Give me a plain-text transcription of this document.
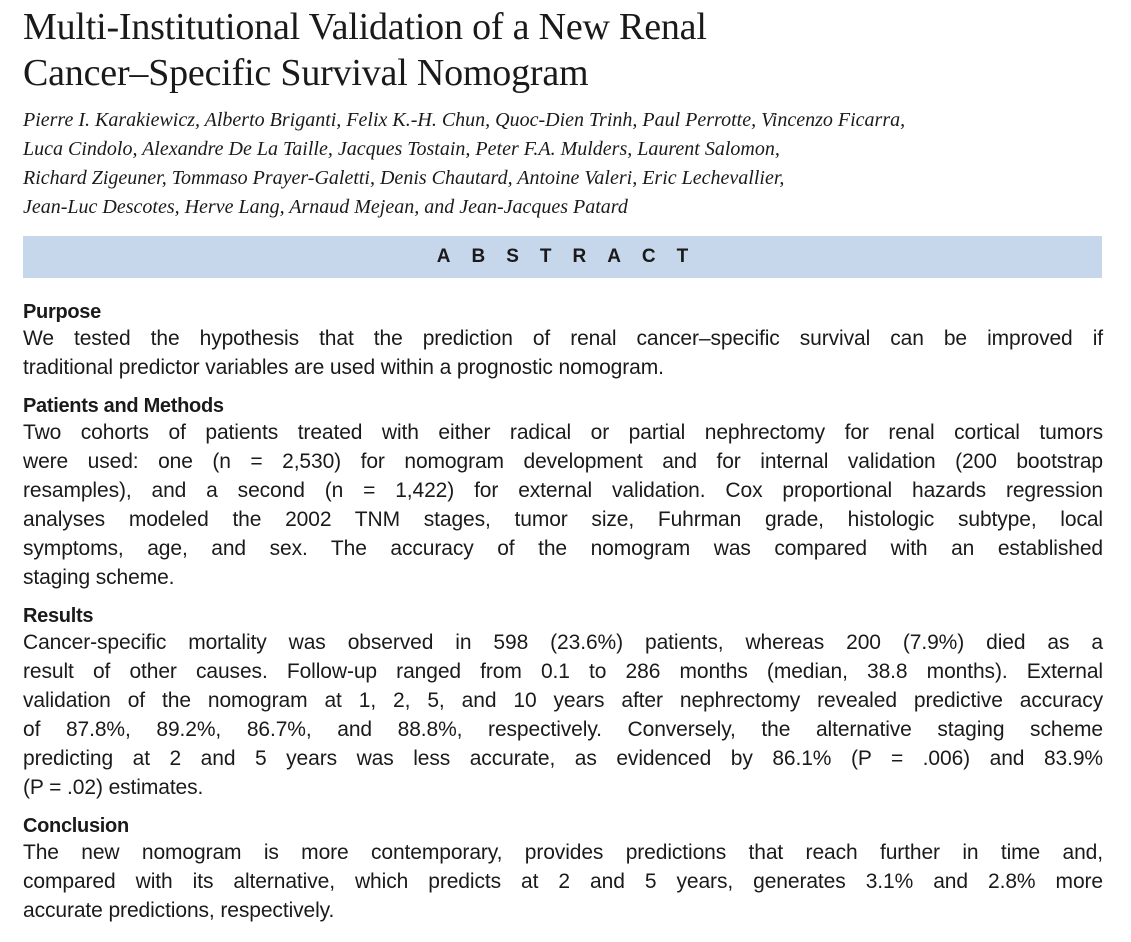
Multi-Institutional Validation of a New Renal
Cancer–Specific Survival Nomogram
Pierre I. Karakiewicz, Alberto Briganti, Felix K.-H. Chun, Quoc-Dien Trinh, Paul Perrotte, Vincenzo Ficarra,
Luca Cindolo, Alexandre De La Taille, Jacques Tostain, Peter F.A. Mulders, Laurent Salomon,
Richard Zigeuner, Tommaso Prayer-Galetti, Denis Chautard, Antoine Valeri, Eric Lechevallier,
Jean-Luc Descotes, Herve Lang, Arnaud Mejean, and Jean-Jacques Patard
ABSTRACT
Purpose

We tested the hypothesis that the prediction of renal cancer–specific survival can be improved if
traditional predictor variables are used within a prognostic nomogram.

Patients and Methods

Two cohorts of patients treated with either radical or partial nephrectomy for renal cortical tumors
were used: one (n = 2,530) for nomogram development and for internal validation (200 bootstrap
resamples), and a second (n = 1,422) for external validation. Cox proportional hazards regression
analyses modeled the 2002 TNM stages, tumor size, Fuhrman grade, histologic subtype, local
symptoms, age, and sex. The accuracy of the nomogram was compared with an established
staging scheme.

Results

Cancer-specific mortality was observed in 598 (23.6%) patients, whereas 200 (7.9%) died as a
result of other causes. Follow-up ranged from 0.1 to 286 months (median, 38.8 months). External
validation of the nomogram at 1, 2, 5, and 10 years after nephrectomy revealed predictive accuracy
of 87.8%, 89.2%, 86.7%, and 88.8%, respectively. Conversely, the alternative staging scheme
predicting at 2 and 5 years was less accurate, as evidenced by 86.1% (P = .006) and 83.9%
(P = .02) estimates.

Conclusion

The new nomogram is more contemporary, provides predictions that reach further in time and,
compared with its alternative, which predicts at 2 and 5 years, generates 3.1% and 2.8% more
accurate predictions, respectively.
